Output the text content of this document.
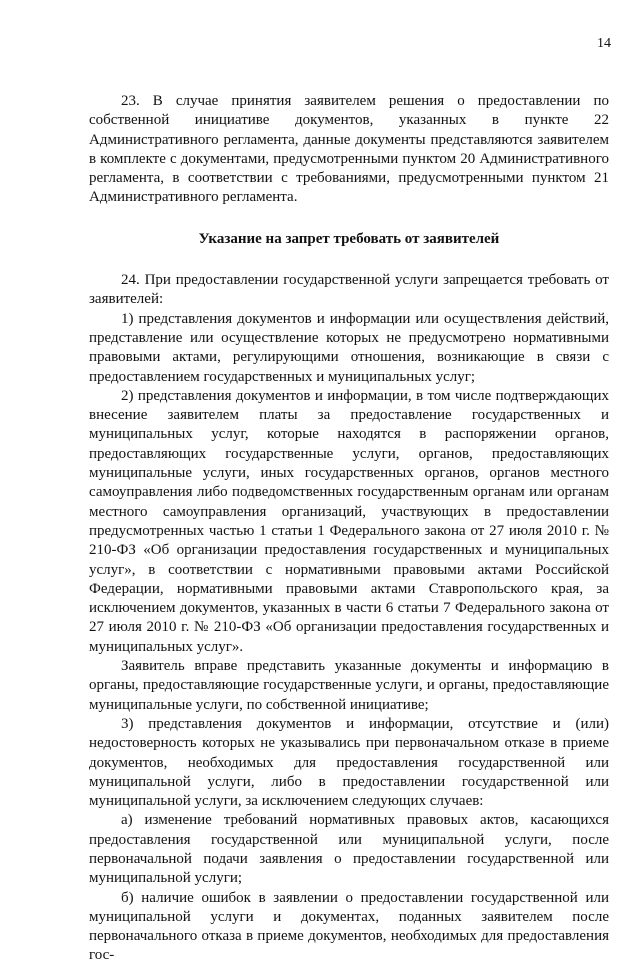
14

23. В случае принятия заявителем решения о предоставлении по собственной инициативе документов, указанных в пункте 22 Административного регламента, данные документы представляются заявителем в комплекте с документами, предусмотренными пунктом 20 Административного регламента, в соответствии с требованиями, предусмотренными пунктом 21 Административного регламента.

Указание на запрет требовать от заявителей

24. При предоставлении государственной услуги запрещается требовать от заявителей:

1) представления документов и информации или осуществления действий, представление или осуществление которых не предусмотрено нормативными правовыми актами, регулирующими отношения, возникающие в связи с предоставлением государственных и муниципальных услуг;

2) представления документов и информации, в том числе подтверждающих внесение заявителем платы за предоставление государственных и муниципальных услуг, которые находятся в распоряжении органов, предоставляющих государственные услуги, органов, предоставляющих муниципальные услуги, иных государственных органов, органов местного самоуправления либо подведомственных государственным органам или органам местного самоуправления организаций, участвующих в предоставлении предусмотренных частью 1 статьи 1 Федерального закона от 27 июля 2010 г. № 210-ФЗ «Об организации предоставления государственных и муниципальных услуг», в соответствии с нормативными правовыми актами Российской Федерации, нормативными правовыми актами Ставропольского края, за исключением документов, указанных в части 6 статьи 7 Федерального закона от 27 июля 2010 г. № 210-ФЗ «Об организации предоставления государственных и муниципальных услуг».

Заявитель вправе представить указанные документы и информацию в органы, предоставляющие государственные услуги, и органы, предоставляющие муниципальные услуги, по собственной инициативе;

3) представления документов и информации, отсутствие и (или) недостоверность которых не указывались при первоначальном отказе в приеме документов, необходимых для предоставления государственной или муниципальной услуги, либо в предоставлении государственной или муниципальной услуги, за исключением следующих случаев:

а) изменение требований нормативных правовых актов, касающихся предоставления государственной или муниципальной услуги, после первоначальной подачи заявления о предоставлении государственной или муниципальной услуги;

б) наличие ошибок в заявлении о предоставлении государственной или муниципальной услуги и документах, поданных заявителем после первоначального отказа в приеме документов, необходимых для предоставления гос-
